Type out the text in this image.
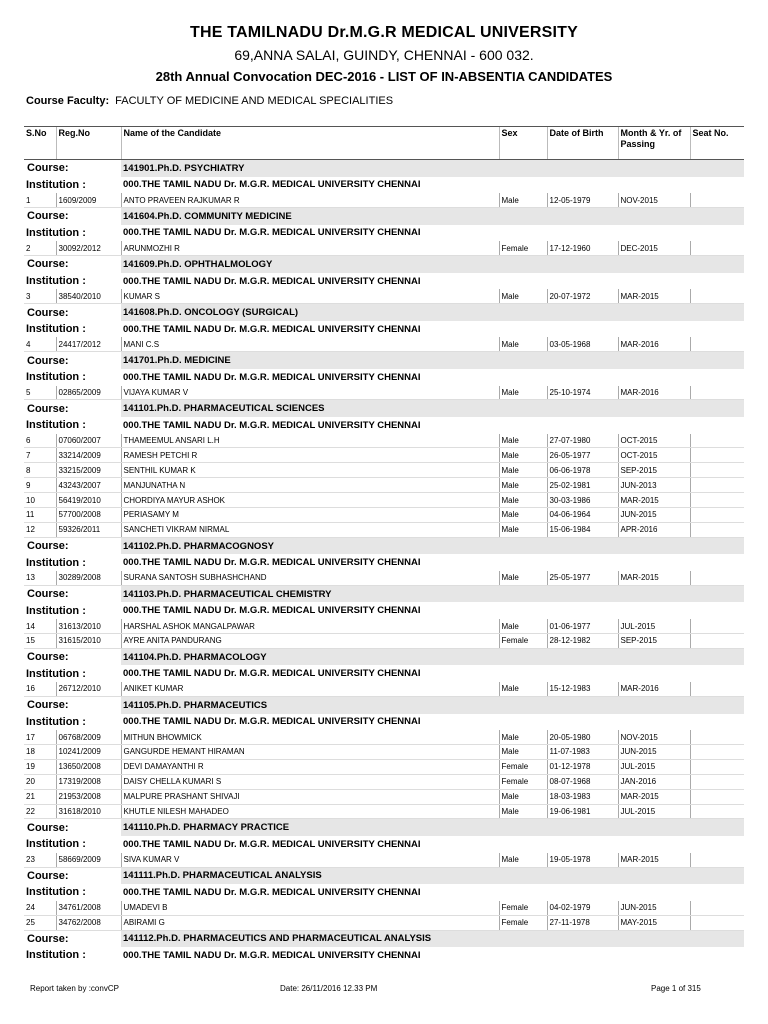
THE TAMILNADU Dr.M.G.R MEDICAL UNIVERSITY
69,ANNA SALAI, GUINDY, CHENNAI - 600 032.
28th Annual Convocation DEC-2016 - LIST OF IN-ABSENTIA CANDIDATES
Course Faculty: FACULTY OF MEDICINE AND MEDICAL SPECIALITIES
S.No	Reg.No	Name of the Candidate	Sex	Date of Birth	Month & Yr. of Passing	Seat No.
Course:		141901.Ph.D. PSYCHIATRY				
Institution :		000.THE TAMIL NADU Dr. M.G.R. MEDICAL UNIVERSITY CHENNAI				
1	1609/2009	ANTO PRAVEEN RAJKUMAR R	Male	12-05-1979	NOV-2015	
Course:		141604.Ph.D. COMMUNITY MEDICINE				
Institution :		000.THE TAMIL NADU Dr. M.G.R. MEDICAL UNIVERSITY CHENNAI				
2	30092/2012	ARUNMOZHI R	Female	17-12-1960	DEC-2015	
Course:		141609.Ph.D. OPHTHALMOLOGY				
Institution :		000.THE TAMIL NADU Dr. M.G.R. MEDICAL UNIVERSITY CHENNAI				
3	38540/2010	KUMAR S	Male	20-07-1972	MAR-2015	
Course:		141608.Ph.D. ONCOLOGY (SURGICAL)				
Institution :		000.THE TAMIL NADU Dr. M.G.R. MEDICAL UNIVERSITY CHENNAI				
4	24417/2012	MANI C.S	Male	03-05-1968	MAR-2016	
Course:		141701.Ph.D. MEDICINE				
Institution :		000.THE TAMIL NADU Dr. M.G.R. MEDICAL UNIVERSITY CHENNAI				
5	02865/2009	VIJAYA KUMAR V	Male	25-10-1974	MAR-2016	
Course:		141101.Ph.D. PHARMACEUTICAL SCIENCES				
Institution :		000.THE TAMIL NADU Dr. M.G.R. MEDICAL UNIVERSITY CHENNAI				
6	07060/2007	THAMEEMUL ANSARI L.H	Male	27-07-1980	OCT-2015	
7	33214/2009	RAMESH PETCHI R	Male	26-05-1977	OCT-2015	
8	33215/2009	SENTHIL KUMAR K	Male	06-06-1978	SEP-2015	
9	43243/2007	MANJUNATHA N	Male	25-02-1981	JUN-2013	
10	56419/2010	CHORDIYA MAYUR ASHOK	Male	30-03-1986	MAR-2015	
11	57700/2008	PERIASAMY M	Male	04-06-1964	JUN-2015	
12	59326/2011	SANCHETI VIKRAM NIRMAL	Male	15-06-1984	APR-2016	
Course:		141102.Ph.D. PHARMACOGNOSY				
Institution :		000.THE TAMIL NADU Dr. M.G.R. MEDICAL UNIVERSITY CHENNAI				
13	30289/2008	SURANA SANTOSH SUBHASHCHAND	Male	25-05-1977	MAR-2015	
Course:		141103.Ph.D. PHARMACEUTICAL CHEMISTRY				
Institution :		000.THE TAMIL NADU Dr. M.G.R. MEDICAL UNIVERSITY CHENNAI				
14	31613/2010	HARSHAL ASHOK MANGALPAWAR	Male	01-06-1977	JUL-2015	
15	31615/2010	AYRE ANITA PANDURANG	Female	28-12-1982	SEP-2015	
Course:		141104.Ph.D. PHARMACOLOGY				
Institution :		000.THE TAMIL NADU Dr. M.G.R. MEDICAL UNIVERSITY CHENNAI				
16	26712/2010	ANIKET KUMAR	Male	15-12-1983	MAR-2016	
Course:		141105.Ph.D. PHARMACEUTICS				
Institution :		000.THE TAMIL NADU Dr. M.G.R. MEDICAL UNIVERSITY CHENNAI				
17	06768/2009	MITHUN BHOWMICK	Male	20-05-1980	NOV-2015	
18	10241/2009	GANGURDE HEMANT HIRAMAN	Male	11-07-1983	JUN-2015	
19	13650/2008	DEVI DAMAYANTHI R	Female	01-12-1978	JUL-2015	
20	17319/2008	DAISY CHELLA KUMARI S	Female	08-07-1968	JAN-2016	
21	21953/2008	MALPURE PRASHANT SHIVAJI	Male	18-03-1983	MAR-2015	
22	31618/2010	KHUTLE NILESH MAHADEO	Male	19-06-1981	JUL-2015	
Course:		141110.Ph.D. PHARMACY PRACTICE				
Institution :		000.THE TAMIL NADU Dr. M.G.R. MEDICAL UNIVERSITY CHENNAI				
23	58669/2009	SIVA KUMAR V	Male	19-05-1978	MAR-2015	
Course:		141111.Ph.D. PHARMACEUTICAL ANALYSIS				
Institution :		000.THE TAMIL NADU Dr. M.G.R. MEDICAL UNIVERSITY CHENNAI				
24	34761/2008	UMADEVI B	Female	04-02-1979	JUN-2015	
25	34762/2008	ABIRAMI G	Female	27-11-1978	MAY-2015	
Course:		141112.Ph.D. PHARMACEUTICS AND PHARMACEUTICAL ANALYSIS				
Institution :		000.THE TAMIL NADU Dr. M.G.R. MEDICAL UNIVERSITY CHENNAI				
Report taken by :convCP	Date: 26/11/2016 12.33 PM	Page 1 of 315
